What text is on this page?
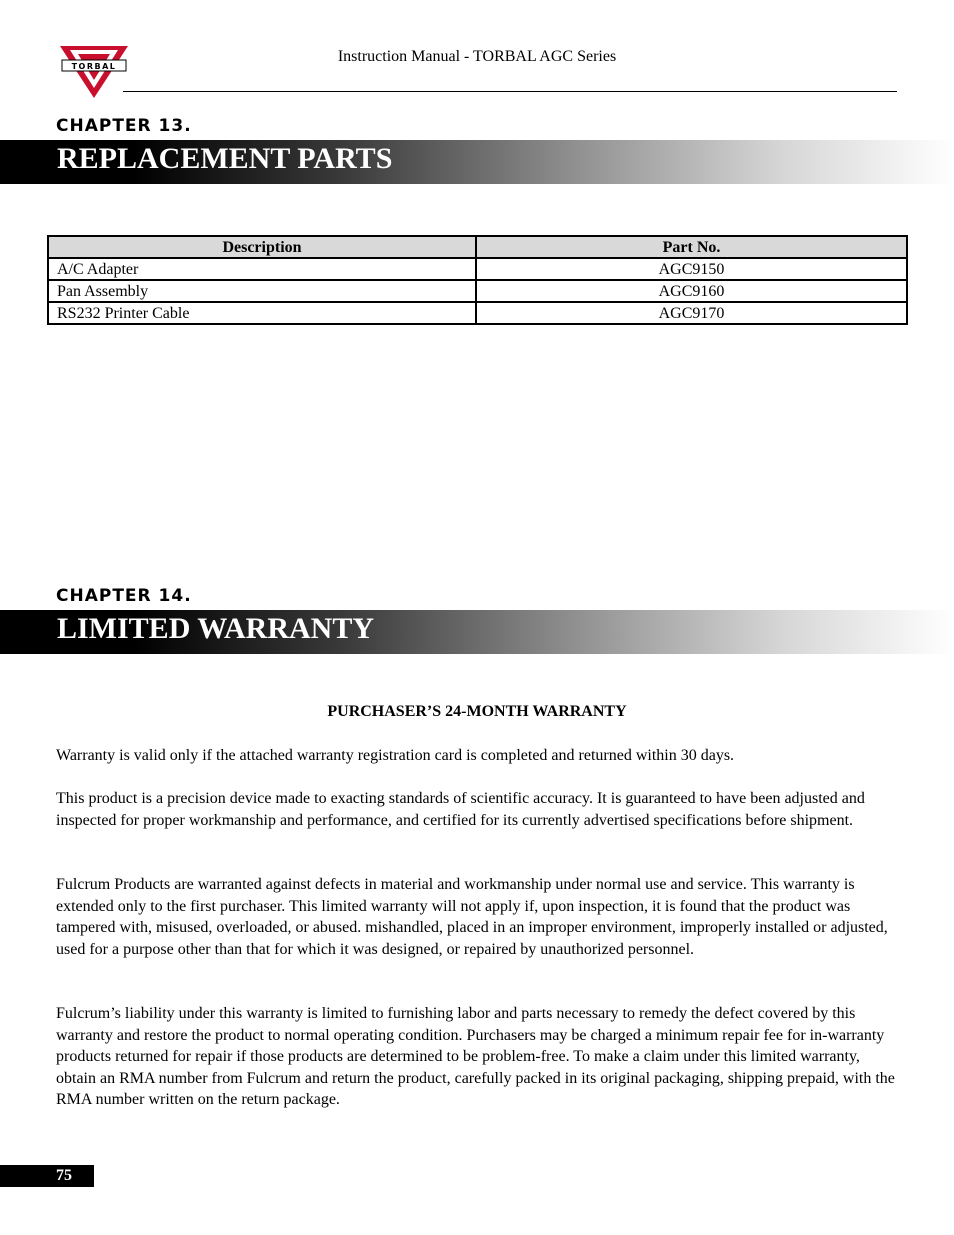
TORBAL
Instruction Manual - TORBAL AGC Series
CHAPTER 13.
REPLACEMENT PARTS
Description	Part No.
A/C Adapter	AGC9150
Pan Assembly	AGC9160
RS232 Printer Cable	AGC9170
CHAPTER 14.
LIMITED WARRANTY
PURCHASER’S 24-MONTH WARRANTY

Warranty is valid only if the attached warranty registration card is completed and returned within 30 days.

This product is a precision device made to exacting standards of scientific accuracy. It is guaranteed to have been adjusted and inspected for proper workmanship and performance, and certified for its currently advertised specifications before shipment.

Fulcrum Products are warranted against defects in material and workmanship under normal use and service. This warranty is extended only to the first purchaser. This limited warranty will not apply if, upon inspection, it is found that the product was tampered with, misused, overloaded, or abused. mishandled, placed in an improper environment, improperly installed or adjusted, used for a purpose other than that for which it was designed, or repaired by unauthorized personnel.

Fulcrum’s liability under this warranty is limited to furnishing labor and parts necessary to remedy the defect covered by this warranty and restore the product to normal operating condition. Purchasers may be charged a minimum repair fee for in-warranty products returned for repair if those products are determined to be problem-free. To make a claim under this limited warranty, obtain an RMA number from Fulcrum and return the product, carefully packed in its original packaging, shipping prepaid, with the RMA number written on the return package.

75
